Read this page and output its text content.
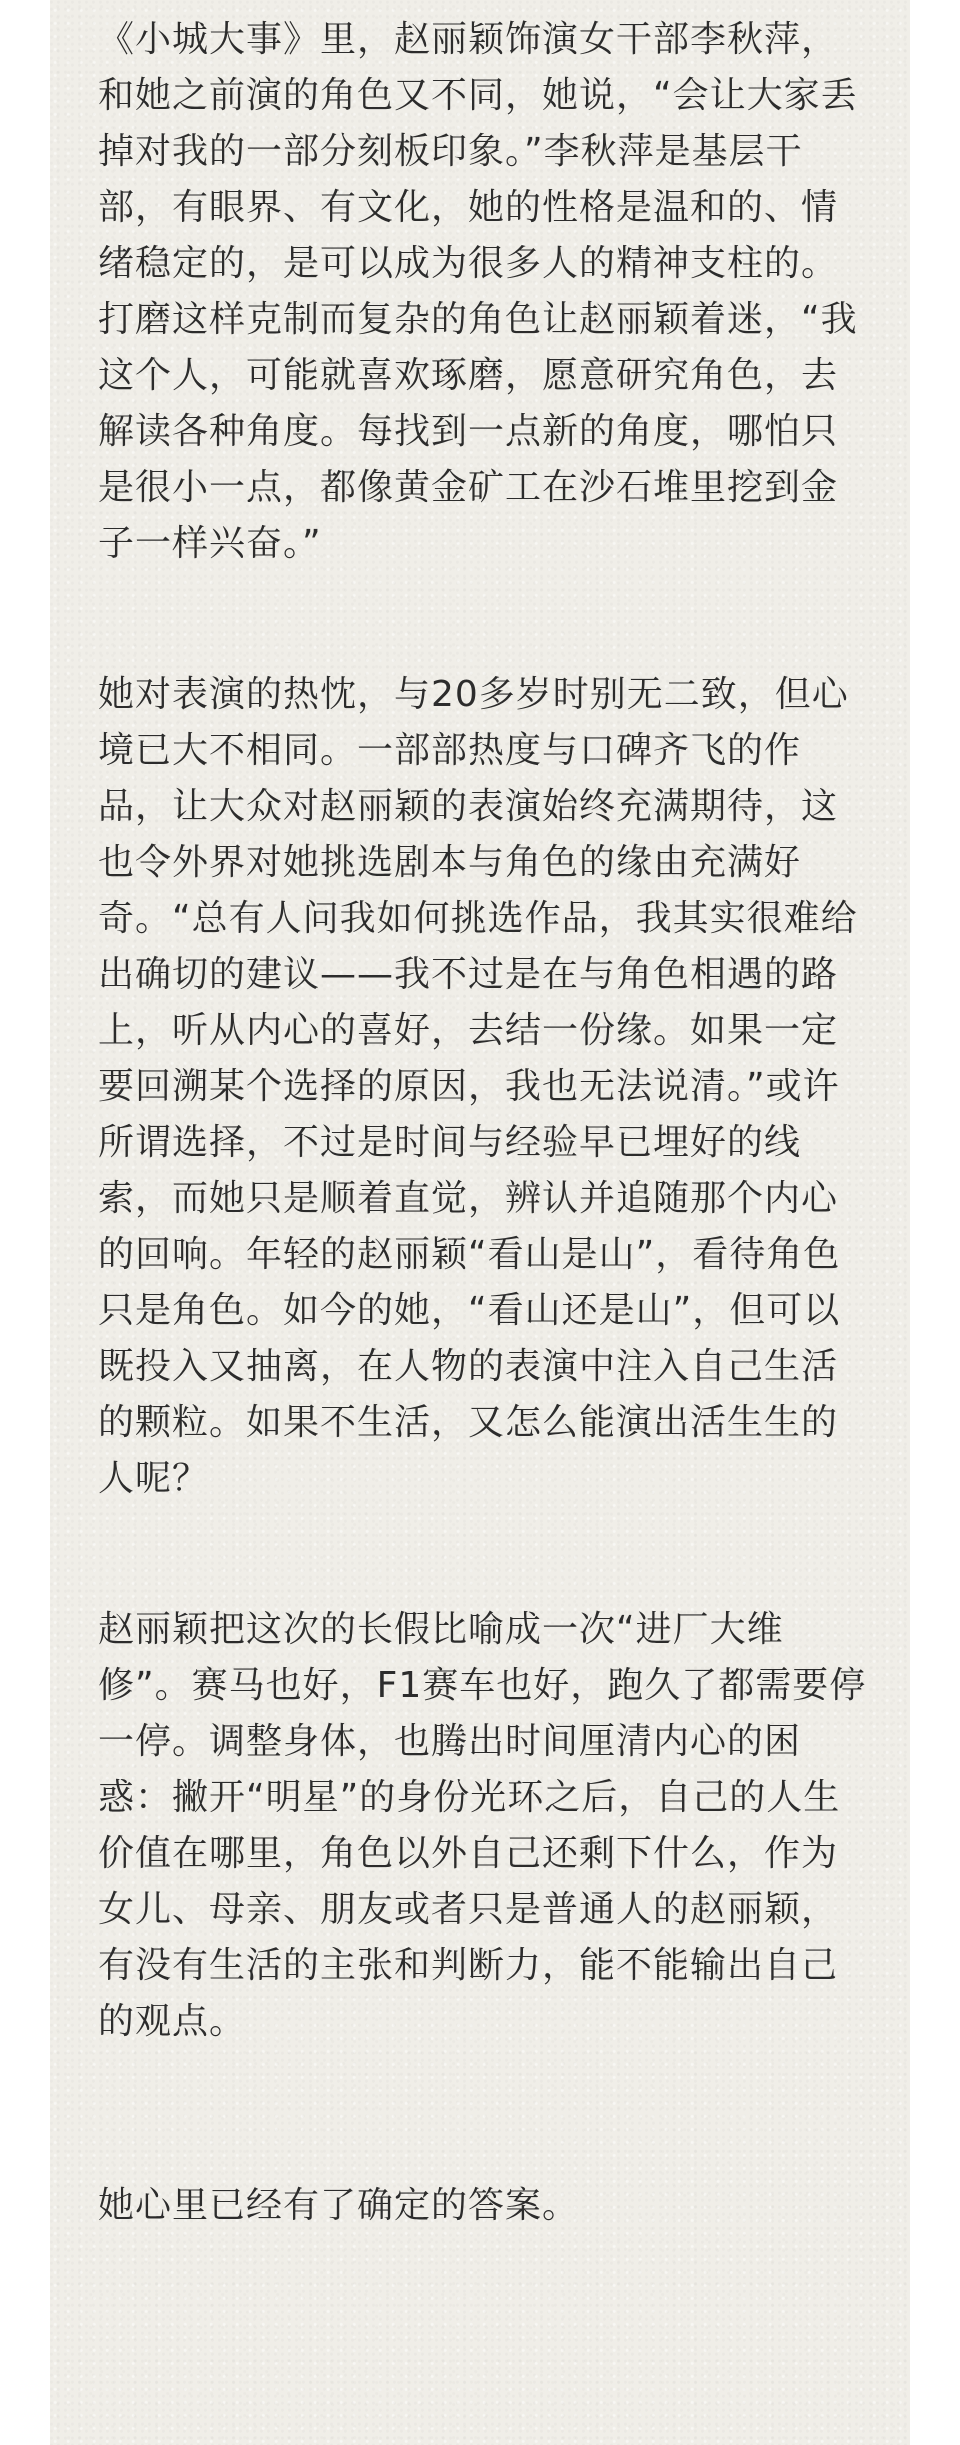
《小城大事》里，赵丽颖饰演女干部李秋萍，和她之前演的角色又不同，她说，“会让大家丢掉对我的一部分刻板印象。”李秋萍是基层干部，有眼界、有文化，她的性格是温和的、情绪稳定的，是可以成为很多人的精神支柱的。打磨这样克制而复杂的角色让赵丽颖着迷，“我这个人，可能就喜欢琢磨，愿意研究角色，去解读各种角度。每找到一点新的角度，哪怕只是很小一点，都像黄金矿工在沙石堆里挖到金子一样兴奋。”

她对表演的热忱，与20多岁时别无二致，但心境已大不相同。一部部热度与口碑齐飞的作品，让大众对赵丽颖的表演始终充满期待，这也令外界对她挑选剧本与角色的缘由充满好奇。“总有人问我如何挑选作品，我其实很难给出确切的建议——我不过是在与角色相遇的路上，听从内心的喜好，去结一份缘。如果一定要回溯某个选择的原因，我也无法说清。”或许所谓选择，不过是时间与经验早已埋好的线索，而她只是顺着直觉，辨认并追随那个内心的回响。年轻的赵丽颖“看山是山”，看待角色只是角色。如今的她，“看山还是山”，但可以既投入又抽离，在人物的表演中注入自己生活的颗粒。如果不生活，又怎么能演出活生生的人呢？

赵丽颖把这次的长假比喻成一次“进厂大维修”。赛马也好，F1赛车也好，跑久了都需要停一停。调整身体，也腾出时间厘清内心的困惑：撇开“明星”的身份光环之后，自己的人生价值在哪里，角色以外自己还剩下什么，作为女儿、母亲、朋友或者只是普通人的赵丽颖，有没有生活的主张和判断力，能不能输出自己的观点。

她心里已经有了确定的答案。
